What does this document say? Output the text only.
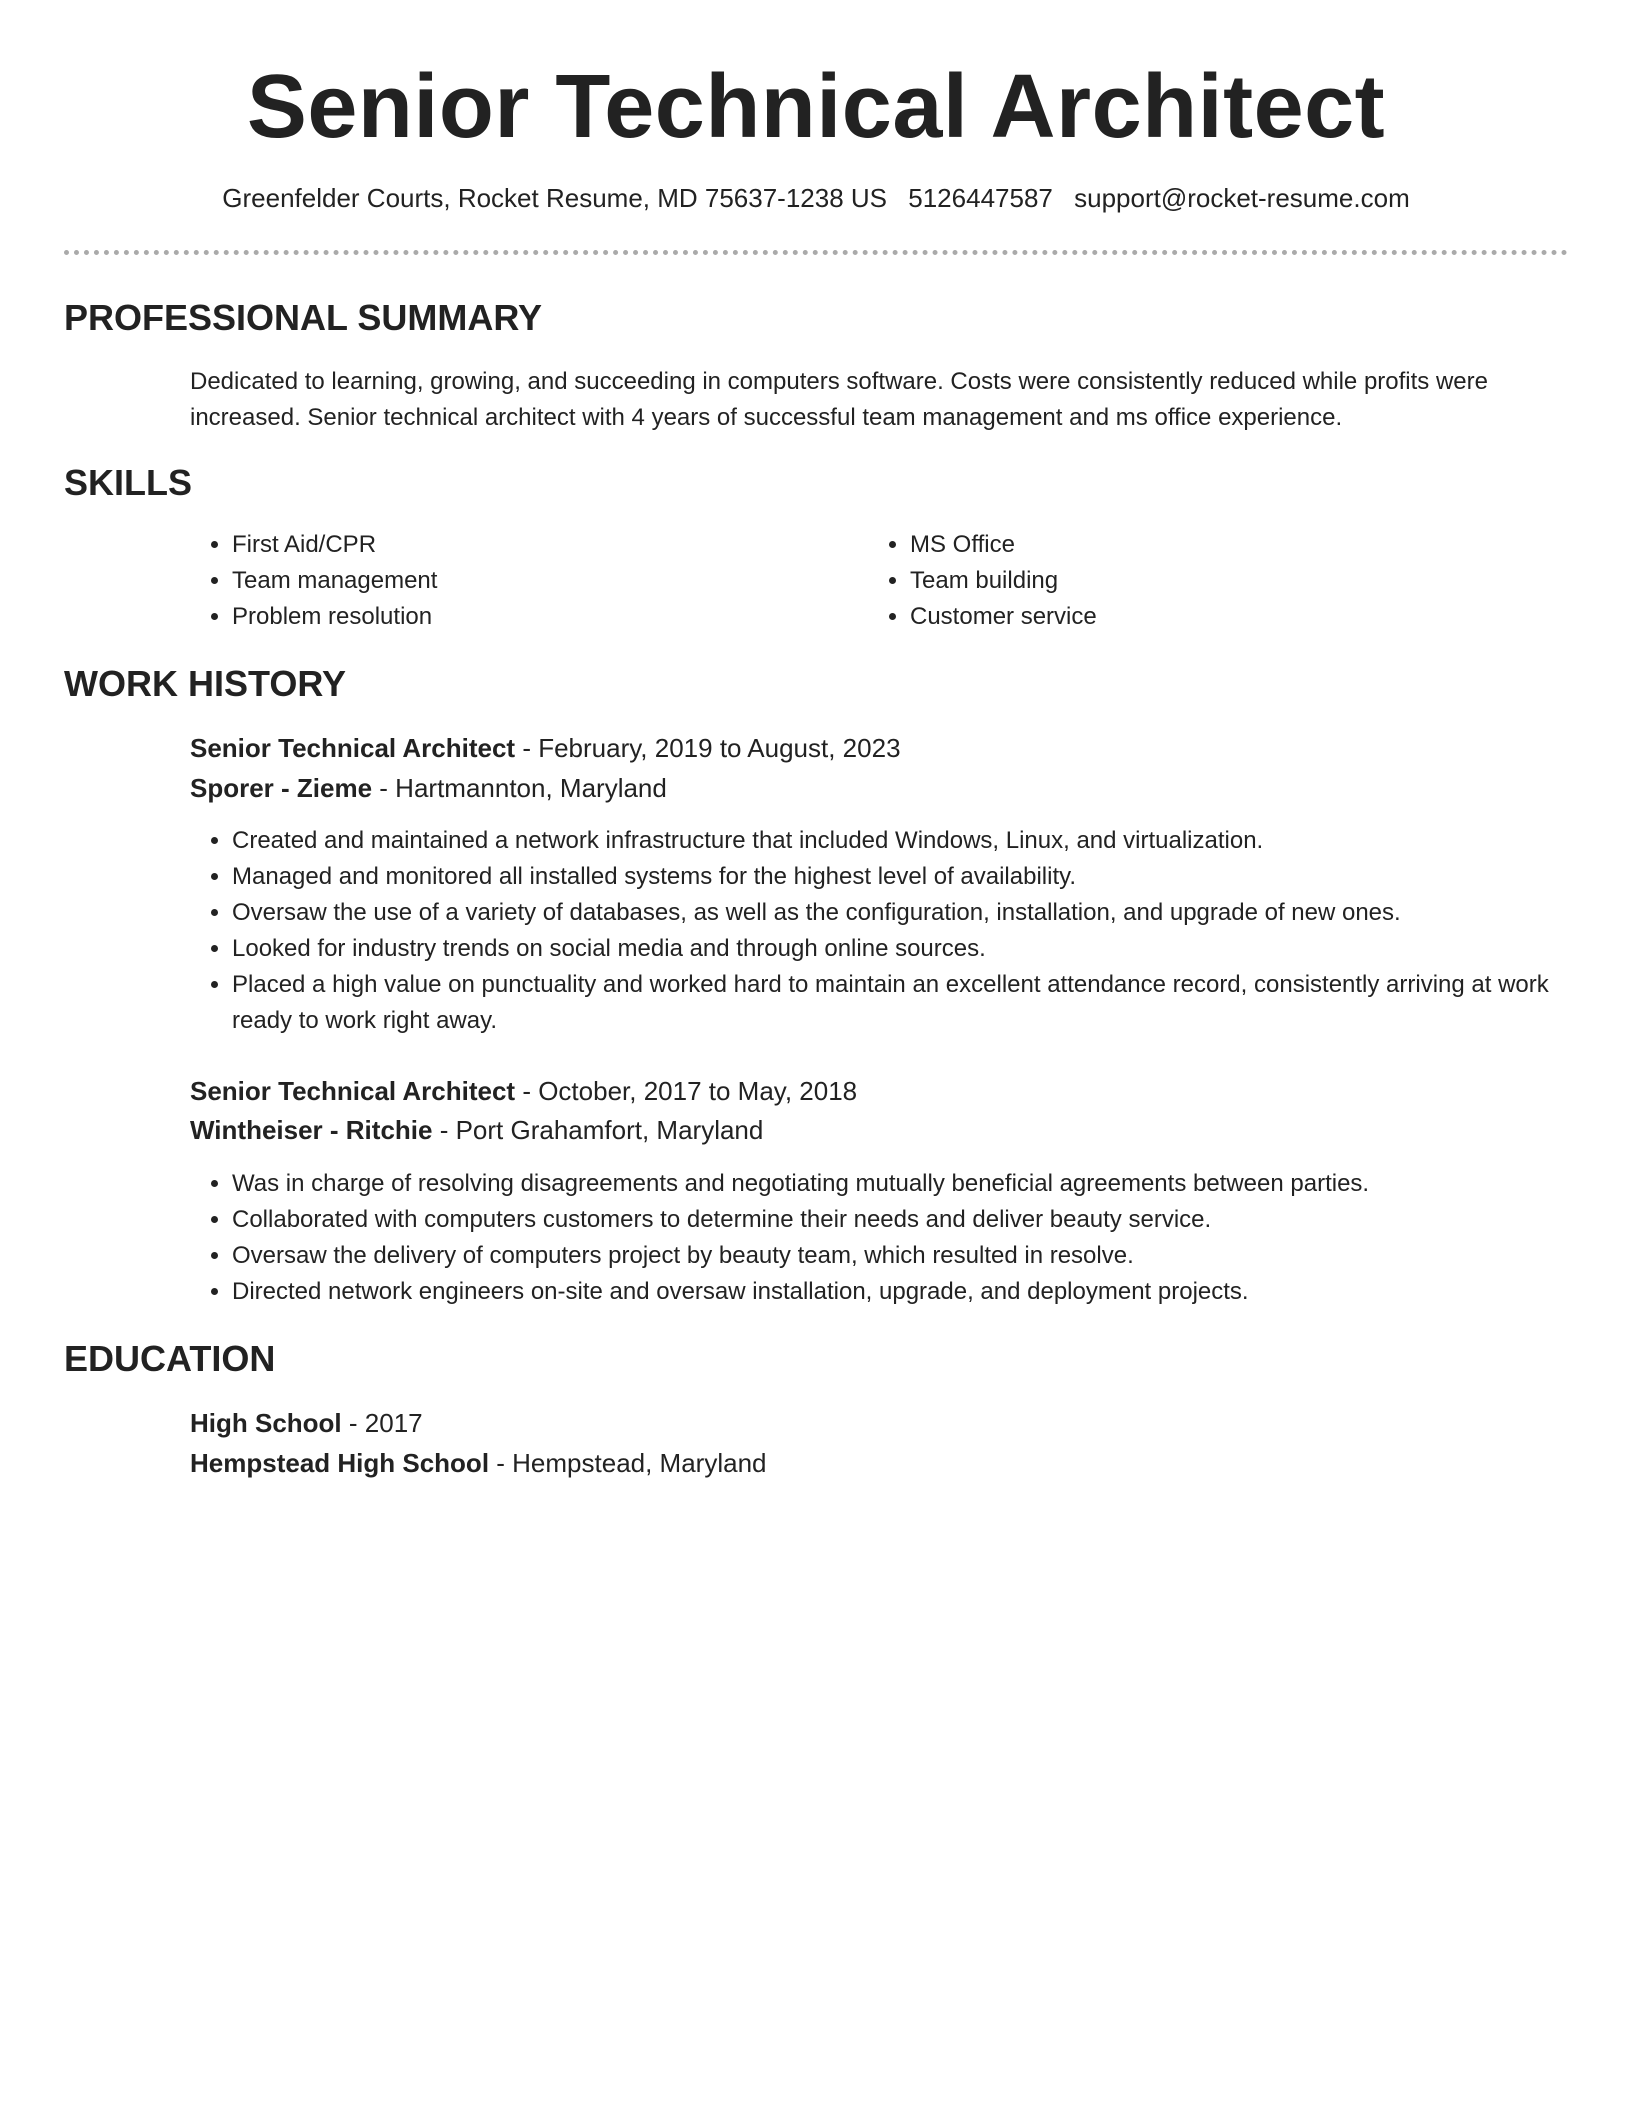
Senior Technical Architect
Greenfelder Courts, Rocket Resume, MD 75637-1238 US 5126447587 support@rocket-resume.com
PROFESSIONAL SUMMARY

Dedicated to learning, growing, and succeeding in computers software. Costs were consistently reduced while profits were increased. Senior technical architect with 4 years of successful team management and ms office experience.

SKILLS
• First Aid/CPR
• Team management
• Problem resolution
• MS Office
• Team building
• Customer service
WORK HISTORY
Senior Technical Architect - February, 2019 to August, 2023
Sporer - Zieme - Hartmannton, Maryland
• Created and maintained a network infrastructure that included Windows, Linux, and virtualization.
• Managed and monitored all installed systems for the highest level of availability.
• Oversaw the use of a variety of databases, as well as the configuration, installation, and upgrade of new ones.
• Looked for industry trends on social media and through online sources.
• Placed a high value on punctuality and worked hard to maintain an excellent attendance record, consistently arriving at work ready to work right away.
Senior Technical Architect - October, 2017 to May, 2018
Wintheiser - Ritchie - Port Grahamfort, Maryland
• Was in charge of resolving disagreements and negotiating mutually beneficial agreements between parties.
• Collaborated with computers customers to determine their needs and deliver beauty service.
• Oversaw the delivery of computers project by beauty team, which resulted in resolve.
• Directed network engineers on-site and oversaw installation, upgrade, and deployment projects.
EDUCATION
High School - 2017
Hempstead High School - Hempstead, Maryland
